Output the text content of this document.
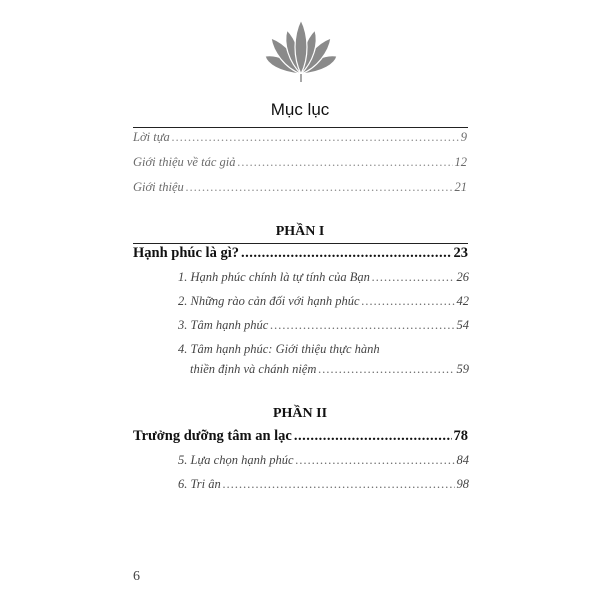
Mục lục
Lời tựa .....	9
Giới thiệu về tác giả .....	12
Giới thiệu .....	21
PHẦN I
Hạnh phúc là gì? .....	23
1. Hạnh phúc chính là tự tính của Bạn .....	26
2. Những rào cản đối với hạnh phúc .....	42
3. Tâm hạnh phúc .....	54
4. Tâm hạnh phúc: Giới thiệu thực hành
thiền định và chánh niệm .....	59
PHẦN II
Trưởng dưỡng tâm an lạc .....	78
5. Lựa chọn hạnh phúc .....	84
6. Tri ân .....	98
6
